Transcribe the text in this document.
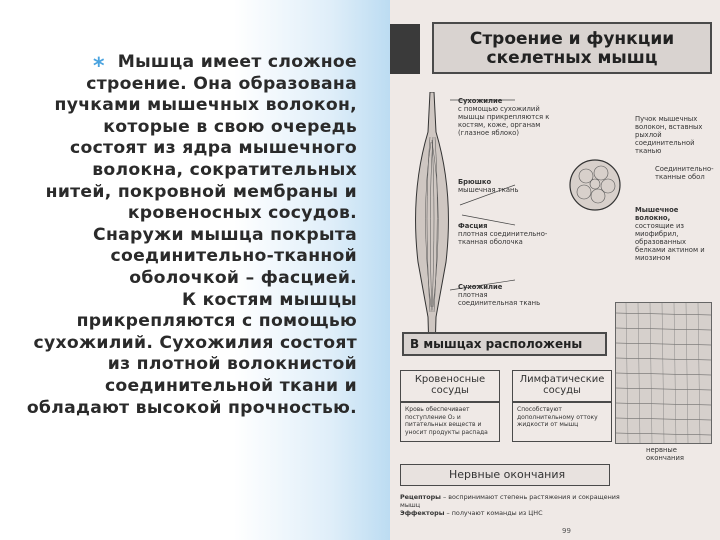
* Мышца имеет сложное
строение. Она образована
пучками мышечных волокон,
которые в свою очередь
состоят из ядра мышечного
волокна, сократительных
нитей, покровной мембраны и
кровеносных сосудов.
Снаружи мышца покрыта
соединительно-тканной
оболочкой – фасцией.
К костям мышцы
прикрепляются с помощью
сухожилий. Сухожилия состоят
из плотной волокнистой
соединительной ткани и
обладают высокой прочностью.
Строение и функции
скелетных мышц
Сухожилие
с помощью сухожилий мышцы прикрепляются к костям, коже, органам (глазное яблоко)
Брюшко
мышечная ткань
Фасция
плотная соединительно-тканная оболочка
Сухожилие
плотная соединительная ткань
Пучок мышечных волокон, вставных рыхлой соединительной тканью
Соединительно-тканные обол
Мышечное волокно,
состоящие из миофибрил, образованных белками актином и миозином
нервные окончания
В мышцах расположены
Кровеносные
сосуды
Кровь обеспечивает поступление O₂ и питательных веществ и уносит продукты распада
Лимфатические
сосуды
Способствуют дополнительному оттоку жидкости от мышц
Нервные окончания
Рецепторы – воспринимают степень растяжения и сокращения мышц
Эффекторы – получают команды из ЦНС
99
